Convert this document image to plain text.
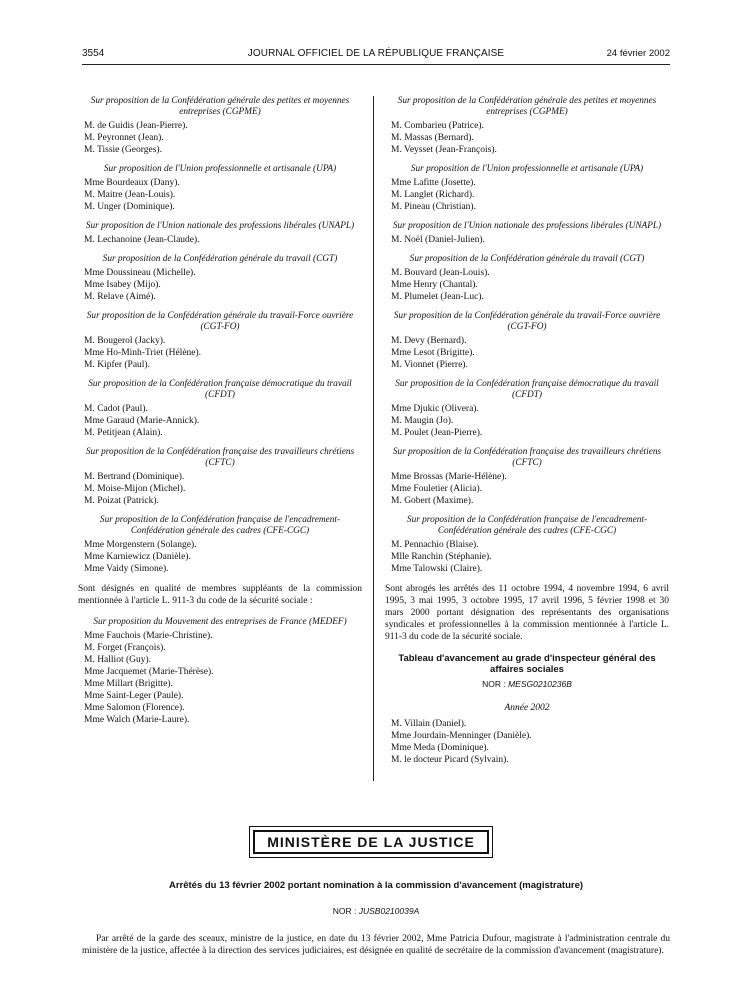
3554	JOURNAL OFFICIEL DE LA RÉPUBLIQUE FRANÇAISE	24 février 2002
Sur proposition de la Confédération générale des petites et moyennes entreprises (CGPME)
M. de Guidis (Jean-Pierre).
M. Peyronnet (Jean).
M. Tissie (Georges).
Sur proposition de l'Union professionnelle et artisanale (UPA)
Mme Bourdeaux (Dany).
M. Maitre (Jean-Louis).
M. Unger (Dominique).
Sur proposition de l'Union nationale des professions libérales (UNAPL)
M. Lechanoine (Jean-Claude).
Sur proposition de la Confédération générale du travail (CGT)
Mme Doussineau (Michelle).
Mme Isabey (Mijo).
M. Relave (Aimé).
Sur proposition de la Confédération générale du travail-Force ouvrière (CGT-FO)
M. Bougerol (Jacky).
Mme Ho-Minh-Triet (Hélène).
M. Kipfer (Paul).
Sur proposition de la Confédération française démocratique du travail (CFDT)
M. Cadot (Paul).
Mme Garaud (Marie-Annick).
M. Petitjean (Alain).
Sur proposition de la Confédération française des travailleurs chrétiens (CFTC)
M. Bertrand (Dominique).
M. Moise-Mijon (Michel).
M. Poizat (Patrick).
Sur proposition de la Confédération française de l'encadrement-Confédération générale des cadres (CFE-CGC)
Mme Morgenstern (Solange).
Mme Karniewicz (Danièle).
Mme Vaidy (Simone).
Sont désignés en qualité de membres suppléants de la commission mentionnée à l'article L. 911-3 du code de la sécurité sociale :
Sur proposition du Mouvement des entreprises de France (MEDEF)
Mme Fauchois (Marie-Christine).
M. Forget (François).
M. Halliot (Guy).
Mme Jacquemet (Marie-Thérèse).
Mme Millart (Brigitte).
Mme Saint-Leger (Paule).
Mme Salomon (Florence).
Mme Walch (Marie-Laure).
Sur proposition de la Confédération générale des petites et moyennes entreprises (CGPME)
M. Combarieu (Patrice).
M. Massas (Bernard).
M. Veysset (Jean-François).
Sur proposition de l'Union professionnelle et artisanale (UPA)
Mme Lafitte (Josette).
M. Langlet (Richard).
M. Pineau (Christian).
Sur proposition de l'Union nationale des professions libérales (UNAPL)
M. Noël (Daniel-Julien).
Sur proposition de la Confédération générale du travail (CGT)
M. Bouvard (Jean-Louis).
Mme Henry (Chantal).
M. Plumelet (Jean-Luc).
Sur proposition de la Confédération générale du travail-Force ouvrière (CGT-FO)
M. Devy (Bernard).
Mme Lesot (Brigitte).
M. Vionnet (Pierre).
Sur proposition de la Confédération française démocratique du travail (CFDT)
Mme Djukic (Olivera).
M. Maugin (Jo).
M. Poulet (Jean-Pierre).
Sur proposition de la Confédération française des travailleurs chrétiens (CFTC)
Mme Brossas (Marie-Hélène).
Mme Fouletier (Alicia).
M. Gobert (Maxime).
Sur proposition de la Confédération française de l'encadrement-Confédération générale des cadres (CFE-CGC)
M. Pennachio (Blaise).
Mlle Ranchin (Stéphanie).
Mme Talowski (Claire).
Sont abrogés les arrêtés des 11 octobre 1994, 4 novembre 1994, 6 avril 1995, 3 mai 1995, 3 octobre 1995, 17 avril 1996, 5 février 1998 et 30 mars 2000 portant désignation des représentants des organisations syndicales et professionnelles à la commission mentionnée à l'article L. 911-3 du code de la sécurité sociale.
Tableau d'avancement au grade d'inspecteur général des affaires sociales
NOR : MESG0210236B
Année 2002
M. Villain (Daniel).
Mme Jourdain-Menninger (Danièle).
Mme Meda (Dominique).
M. le docteur Picard (Sylvain).
MINISTÈRE DE LA JUSTICE
Arrêtés du 13 février 2002 portant nomination à la commission d'avancement (magistrature)
NOR : JUSB0210039A
Par arrêté de la garde des sceaux, ministre de la justice, en date du 13 février 2002, Mme Patricia Dufour, magistrate à l'administration centrale du ministère de la justice, affectée à la direction des services judiciaires, est désignée en qualité de secrétaire de la commission d'avancement (magistrature).
